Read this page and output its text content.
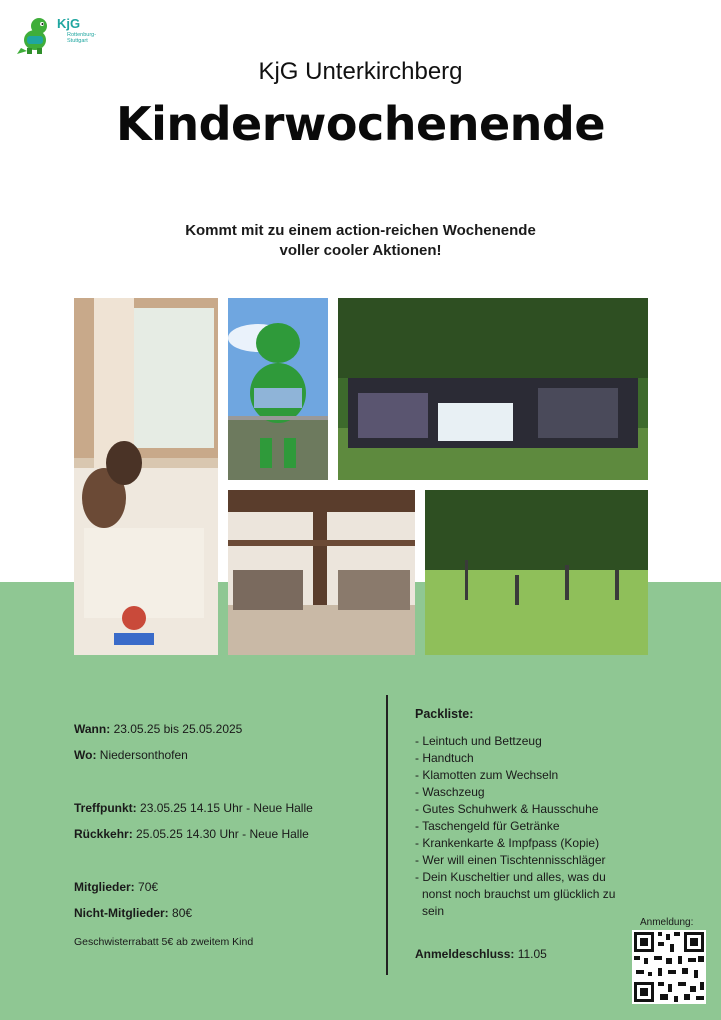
KjG
Rottenburg-
Stuttgart
KjG Unterkirchberg
Kinderwochenende
Kommt mit zu einem action-reichen Wochenende
voller cooler Aktionen!
Wann: 23.05.25 bis 25.05.2025
Wo: Niedersonthofen
Treffpunkt: 23.05.25 14.15 Uhr - Neue Halle
Rückkehr: 25.05.25 14.30 Uhr - Neue Halle
Mitglieder: 70€
Nicht-Mitglieder: 80€
Geschwisterrabatt 5€ ab zweitem Kind
Packliste:
- Leintuch und Bettzeug
- Handtuch
- Klamotten zum Wechseln
- Waschzeug
- Gutes Schuhwerk & Hausschuhe
- Taschengeld für Getränke
- Krankenkarte & Impfpass (Kopie)
- Wer will einen Tischtennisschläger
- Dein Kuscheltier und alles, was du nonst noch brauchst um glücklich zu sein
Anmeldeschluss: 11.05
Anmeldung:
